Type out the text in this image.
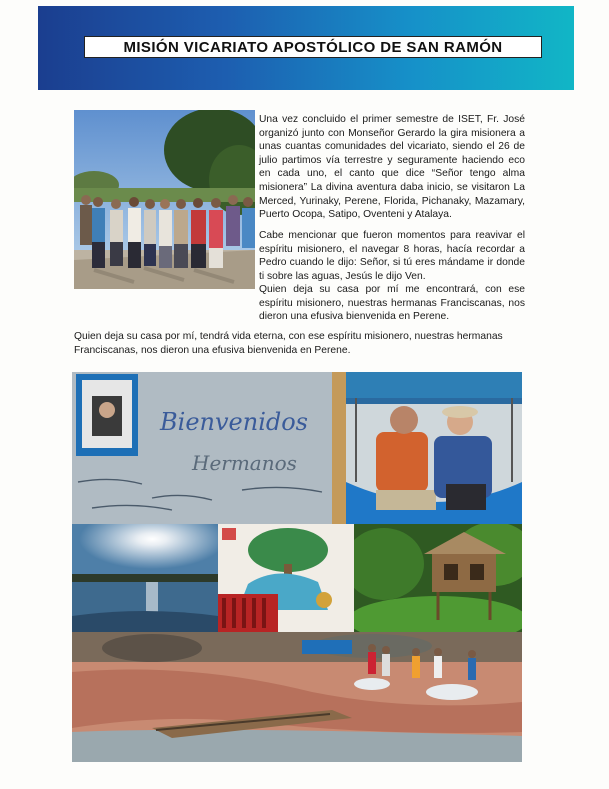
MISIÓN VICARIATO APOSTÓLICO DE SAN RAMÓN
Una vez concluido el primer semestre de ISET, Fr. José organizó junto con Monseñor Gerardo la gira misionera a unas cuantas comunidades del vicariato, siendo el 26 de julio partimos vía terrestre y seguramente haciendo eco en cada uno, el canto que dice “Señor tengo alma misionera” La divina aventura daba inicio, se visitaron La Merced, Yurinaky, Perene, Florida, Pichanaky, Mazamary, Puerto Ocopa, Satipo, Oventeni y Atalaya.
Cabe mencionar que fueron momentos para reavivar el espíritu misionero, el navegar 8 horas, hacía recordar a Pedro cuando le dijo: Señor, si tú eres mándame ir donde ti sobre las aguas, Jesús le dijo Ven.
Quien deja su casa por mí me encontrará, con ese espíritu misionero, nuestras hermanas Franciscanas, nos dieron una efusiva bienvenida en Perene.
Quien deja su casa por mí, tendrá vida eterna, con ese espíritu misionero, nuestras hermanas Franciscanas, nos dieron una efusiva bienvenida en Perene.
Bienvenidos
Hermanos
